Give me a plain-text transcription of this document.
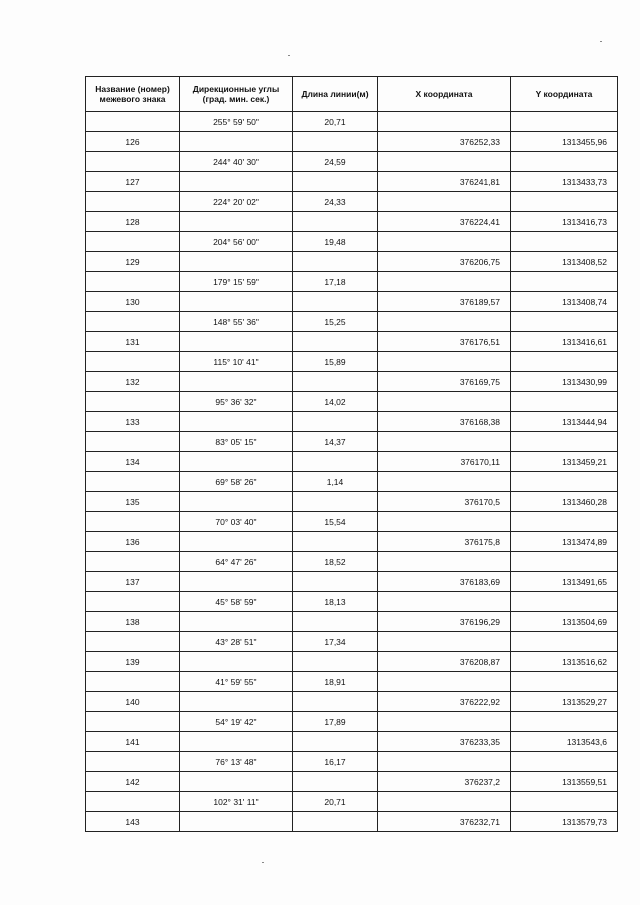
Название (номер) межевого знака	Дирекционные углы (град. мин. сек.)	Длина линии(м)	X координата	Y координата
	255° 59' 50"	20,71		
126			376252,33	1313455,96
	244° 40' 30"	24,59		
127			376241,81	1313433,73
	224° 20' 02"	24,33		
128			376224,41	1313416,73
	204° 56' 00"	19,48		
129			376206,75	1313408,52
	179° 15' 59"	17,18		
130			376189,57	1313408,74
	148° 55' 36"	15,25		
131			376176,51	1313416,61
	115° 10' 41"	15,89		
132			376169,75	1313430,99
	95° 36' 32"	14,02		
133			376168,38	1313444,94
	83° 05' 15"	14,37		
134			376170,11	1313459,21
	69° 58' 26"	1,14		
135			376170,5	1313460,28
	70° 03' 40"	15,54		
136			376175,8	1313474,89
	64° 47' 26"	18,52		
137			376183,69	1313491,65
	45° 58' 59"	18,13		
138			376196,29	1313504,69
	43° 28' 51"	17,34		
139			376208,87	1313516,62
	41° 59' 55"	18,91		
140			376222,92	1313529,27
	54° 19' 42"	17,89		
141			376233,35	1313543,6
	76° 13' 48"	16,17		
142			376237,2	1313559,51
	102° 31' 11"	20,71		
143			376232,71	1313579,73
